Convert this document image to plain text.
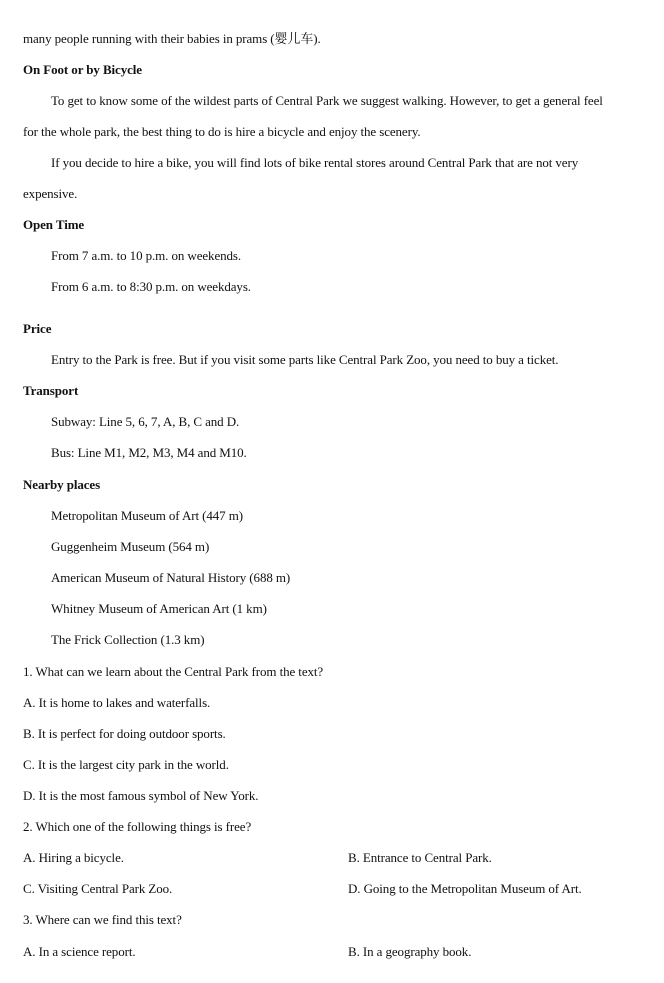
many people running with their babies in prams (婴儿车).
On Foot or by Bicycle
To get to know some of the wildest parts of Central Park we suggest walking. However, to get a general feel
for the whole park, the best thing to do is hire a bicycle and enjoy the scenery.
If you decide to hire a bike, you will find lots of bike rental stores around Central Park that are not very
expensive.
Open Time
From 7 a.m. to 10 p.m. on weekends.
From 6 a.m. to 8:30 p.m. on weekdays.
Price
Entry to the Park is free. But if you visit some parts like Central Park Zoo, you need to buy a ticket.
Transport
Subway: Line 5, 6, 7, A, B, C and D.
Bus: Line M1, M2, M3, M4 and M10.
Nearby places
Metropolitan Museum of Art (447 m)
Guggenheim Museum (564 m)
American Museum of Natural History (688 m)
Whitney Museum of American Art (1 km)
The Frick Collection (1.3 km)
1. What can we learn about the Central Park from the text?
A. It is home to lakes and waterfalls.
B. It is perfect for doing outdoor sports.
C. It is the largest city park in the world.
D. It is the most famous symbol of New York.
2. Which one of the following things is free?
A. Hiring a bicycle.	B. Entrance to Central Park.
C. Visiting Central Park Zoo.	D. Going to the Metropolitan Museum of Art.
3. Where can we find this text?
A. In a science report.	B. In a geography book.
